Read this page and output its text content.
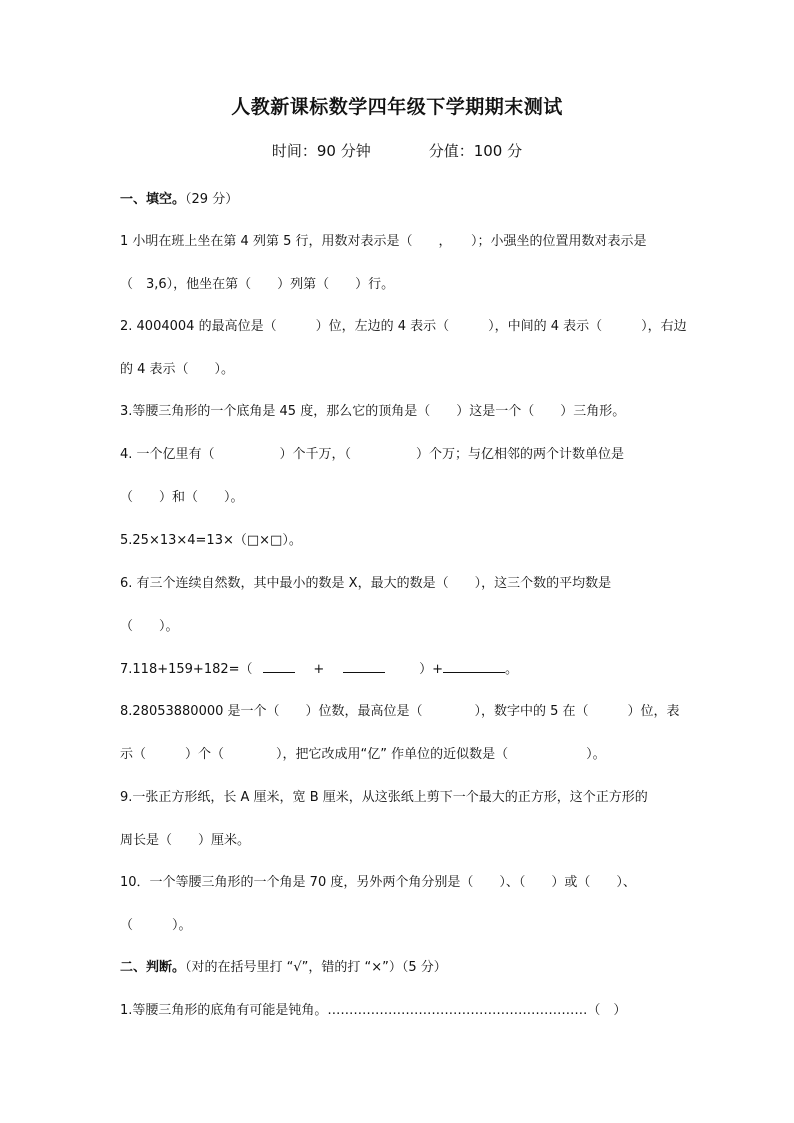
人教新课标数学四年级下学期期末测试
时间：90 分钟	分值：100 分
一、填空。（29 分）
1 小明在班上坐在第 4 列第 5 行，用数对表示是（　　，　　）；小强坐的位置用数对表示是
（　3,6），他坐在第（　　）列第（　　）行。
2. 4004004 的最高位是（　　　）位，左边的 4 表示（　　　），中间的 4 表示（　　　），右边
的 4 表示（　　）。
3.等腰三角形的一个底角是 45 度，那么它的顶角是（　　）这是一个（　　）三角形。
4. 一个亿里有（　　　　　）个千万，（　　　　　）个万；与亿相邻的两个计数单位是
（　　）和（　　）。
5.25×13×4=13×（□×□）。
6. 有三个连续自然数，其中最小的数是 X，最大的数是（　　），这三个数的平均数是
（　　）。
7.118+159+182=（	+	）+	。
8.28053880000 是一个（　　）位数，最高位是（　　　　），数字中的 5 在（　　　）位，表
示（　　　）个（　　　　），把它改成用“亿” 作单位的近似数是（　　　　　　）。
9.一张正方形纸，长 A 厘米，宽 B 厘米，从这张纸上剪下一个最大的正方形，这个正方形的
周长是（　　）厘米。
10．一个等腰三角形的一个角是 70 度，另外两个角分别是（　　）、（　　）或（　　）、
（　　　）。
二、判断。（对的在括号里打 “√”，错的打 “×”）（5 分）
1.等腰三角形的底角有可能是钝角。……………………………………………………（　）
